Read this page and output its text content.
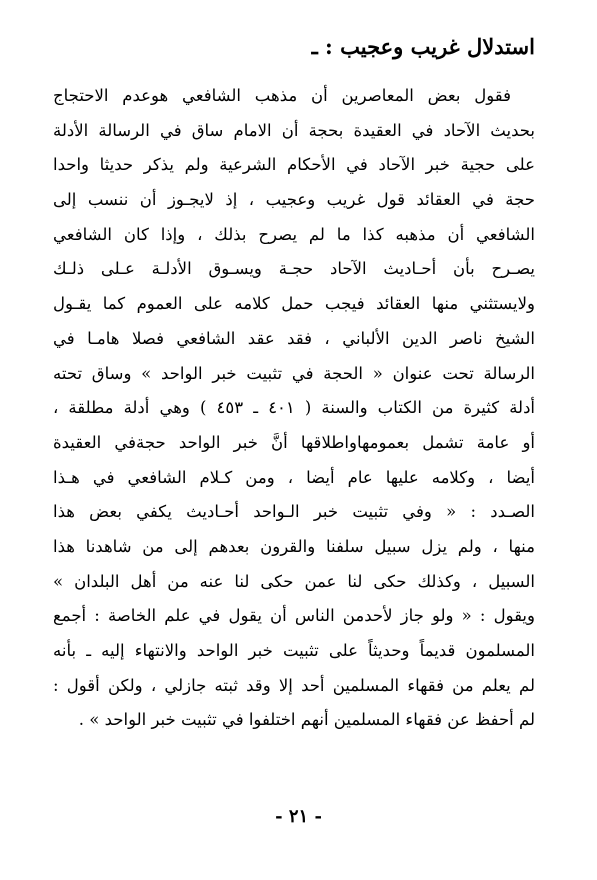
استدلال غريب وعجيب : ـ
فقول بعض المعاصرين أن مذهب الشافعي هوعدم الاحتجاج
بحديث الآحاد في العقيدة بحجة أن الامام ساق في الرسالة الأدلة
على حجية خبر الآحاد في الأحكام الشرعية ولم يذكر حديثا واحدا
حجة في العقائد قول غريب وعجيب ، إذ لايجـوز أن ننسب إلى
الشافعي أن مذهبه كذا ما لم يصرح بذلك ، وإذا كان الشافعي
يصـرح بأن أحـاديث الآحاد حجـة ويسـوق الأدلـة عـلى ذلـك
ولايستثني منها العقائد فيجب حمل كلامه على العموم كما يقـول
الشيخ ناصر الدين الألباني ، فقد عقد الشافعي فصلا هامـا في
الرسالة تحت عنوان « الحجة في تثبيت خبر الواحد » وساق تحته
أدلة كثيرة من الكتاب والسنة ( ٤٠١ ـ ٤٥٣ ) وهي أدلة مطلقة ،
أو عامة تشمل بعمومهاواطلاقها أنَّ خبر الواحد حجةفي العقيدة
أيضا ، وكلامه عليها عام أيضا ، ومن كـلام الشافعي في هـذا
الصـدد : « وفي تثبيت خبر الـواحد أحـاديث يكفي بعض هذا
منها ، ولم يزل سبيل سلفنا والقرون بعدهم إلى من شاهدنا هذا
السبيل ، وكذلك حكى لنا عمن حكى لنا عنه من أهل البلدان »
ويقول : « ولو جاز لأحدمن الناس أن يقول في علم الخاصة : أجمع
المسلمون قديماً وحديثاً على تثبيت خبر الواحد والانتهاء إليه ـ بأنه
لم يعلم من فقهاء المسلمين أحد إلا وقد ثبته جازلي ، ولكن أقول :
لم أحفظ عن فقهاء المسلمين أنهم اختلفوا في تثبيت خبر الواحد » .
- ٢١ -
